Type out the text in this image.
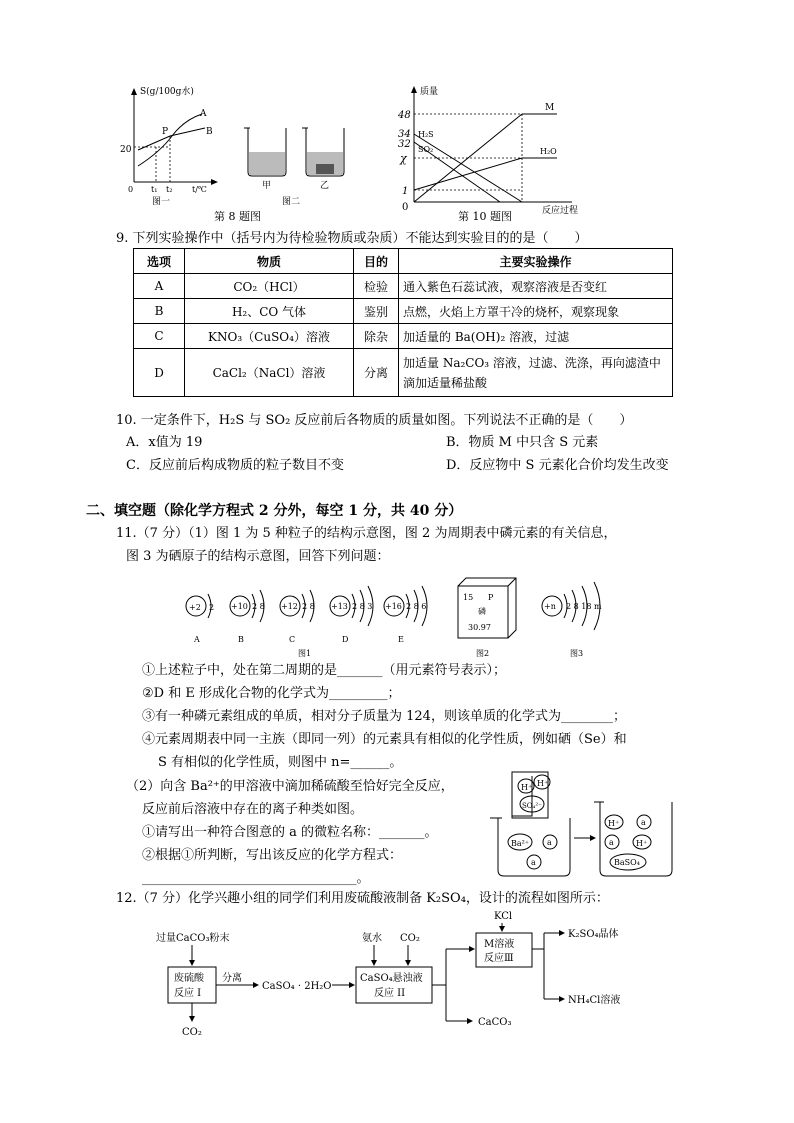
S(g/100g水)
20
0
A
B
P
t₁ t₂ t/℃
图一
甲	乙
图二
第 8 题图
质量
48
34
32
χ
1
0
H₂S
SO₂
M
H₂O
反应过程
第 10 题图
9. 下列实验操作中（括号内为待检验物质或杂质）不能达到实验目的的是（　　）
选项	物质	目的	主要实验操作
A	CO₂（HCl）	检验	通入紫色石蕊试液，观察溶液是否变红
B	H₂、CO 气体	鉴别	点燃，火焰上方罩干冷的烧杯，观察现象
C	KNO₃（CuSO₄）溶液	除杂	加适量的 Ba(OH)₂ 溶液，过滤
D	CaCl₂（NaCl）溶液	分离	加适量 Na₂CO₃ 溶液，过滤、洗涤，再向滤渣中滴加适量稀盐酸
10. 一定条件下，H₂S 与 SO₂ 反应前后各物质的质量如图。下列说法不正确的是（　　）
A．x值为 19	B．物质 M 中只含 S 元素
C．反应前后构成物质的粒子数目不变	D．反应物中 S 元素化合价均发生改变
二、填空题（除化学方程式 2 分外，每空 1 分，共 40 分）
11.（7 分）（1）图 1 为 5 种粒子的结构示意图，图 2 为周期表中磷元素的有关信息，
图 3 为硒原子的结构示意图，回答下列问题：
+2 2
A
+10 2 8
B
+12 2 8
C
+13 2 8 3
D
+16 2 8 6
E
图1
15 P
磷
30.97
图2
+n 2 8 18 m
图3
①上述粒子中，处在第二周期的是_______（用元素符号表示）；
②D 和 E 形成化合物的化学式为_________；
③有一种磷元素组成的单质，相对分子质量为 124，则该单质的化学式为________；
④元素周期表中同一主族（即同一列）的元素具有相似的化学性质，例如硒（Se）和
S 有相似的化学性质，则图中 n=______。
（2）向含 Ba²⁺的甲溶液中滴加稀硫酸至恰好完全反应，
反应前后溶液中存在的离子种类如图。
①请写出一种符合图意的 a 的微粒名称：_______。
②根据①所判断，写出该反应的化学方程式：
_________________________________。
H⁺ H⁺
SO₄²⁻
Ba²⁺ a
a
H⁺	a
a	H⁺
BaSO₄
12.（7 分）化学兴趣小组的同学们利用废硫酸液制备 K₂SO₄，设计的流程如图所示：
过量CaCO₃粉末
废硫酸
反应 I
CO₂
分离
CaSO₄ · 2H₂O
氨水 CO₂
CaSO₄悬浊液
反应 II
CaCO₃
KCl
M溶液
反应Ⅲ
K₂SO₄晶体
NH₄Cl溶液
